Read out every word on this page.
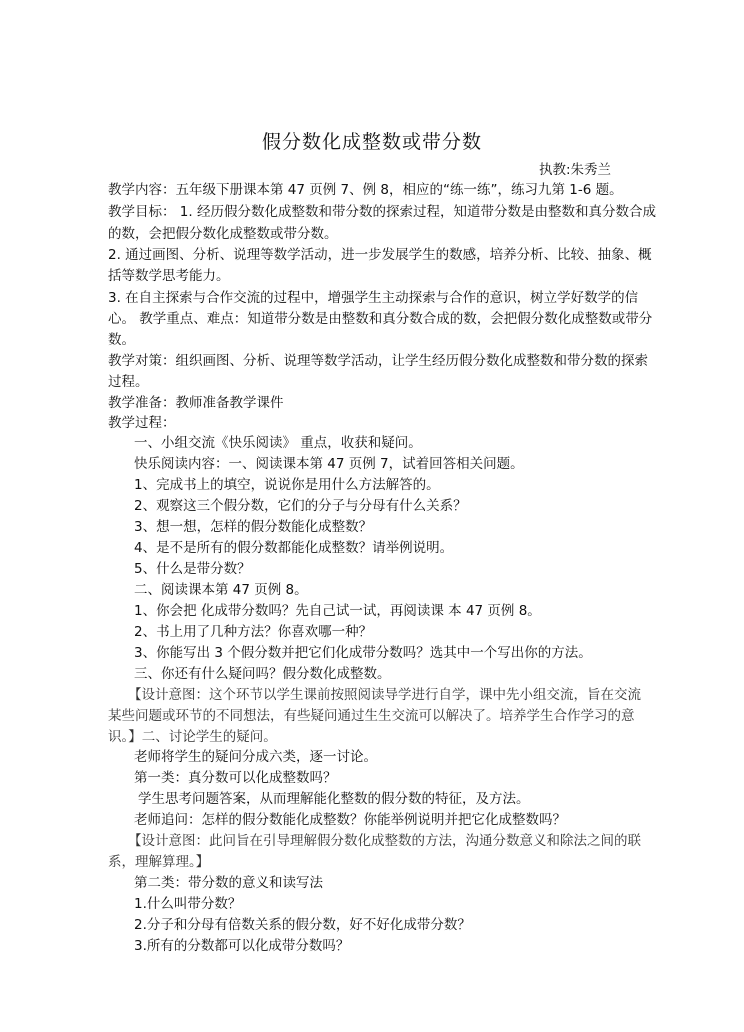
假分数化成整数或带分数
执教:朱秀兰
教学内容：五年级下册课本第 47 页例 7、例 8，相应的“练一练”，练习九第 1-6 题。
教学目标： 1. 经历假分数化成整数和带分数的探索过程，知道带分数是由整数和真分数合成
的数，会把假分数化成整数或带分数。
2. 通过画图、分析、说理等数学活动，进一步发展学生的数感，培养分析、比较、抽象、概
括等数学思考能力。
3. 在自主探索与合作交流的过程中，增强学生主动探索与合作的意识，树立学好数学的信
心。 教学重点、难点：知道带分数是由整数和真分数合成的数，会把假分数化成整数或带分
数。
教学对策：组织画图、分析、说理等数学活动，让学生经历假分数化成整数和带分数的探索
过程。
教学准备：教师准备教学课件
教学过程：
一、小组交流《快乐阅读》 重点，收获和疑问。
快乐阅读内容：一、阅读课本第 47 页例 7，试着回答相关问题。
1、完成书上的填空，说说你是用什么方法解答的。
2、观察这三个假分数，它们的分子与分母有什么关系？
3、想一想，怎样的假分数能化成整数？
4、是不是所有的假分数都能化成整数？请举例说明。
5、什么是带分数？
二、阅读课本第 47 页例 8。
1、你会把 化成带分数吗？先自己试一试，再阅读课 本 47 页例 8。
2、书上用了几种方法？你喜欢哪一种？
3、你能写出 3 个假分数并把它们化成带分数吗？选其中一个写出你的方法。
三、你还有什么疑问吗？假分数化成整数。
【设计意图：这个环节以学生课前按照阅读导学进行自学，课中先小组交流，旨在交流
某些问题或环节的不同想法，有些疑问通过生生交流可以解决了。培养学生合作学习的意
识。】二、讨论学生的疑问。
老师将学生的疑问分成六类，逐一讨论。
第一类：真分数可以化成整数吗？
学生思考问题答案，从而理解能化整数的假分数的特征，及方法。
老师追问：怎样的假分数能化成整数？你能举例说明并把它化成整数吗？
【设计意图：此问旨在引导理解假分数化成整数的方法，沟通分数意义和除法之间的联
系，理解算理。】
第二类：带分数的意义和读写法
1.什么叫带分数？
2.分子和分母有倍数关系的假分数，好不好化成带分数？
3.所有的分数都可以化成带分数吗？
